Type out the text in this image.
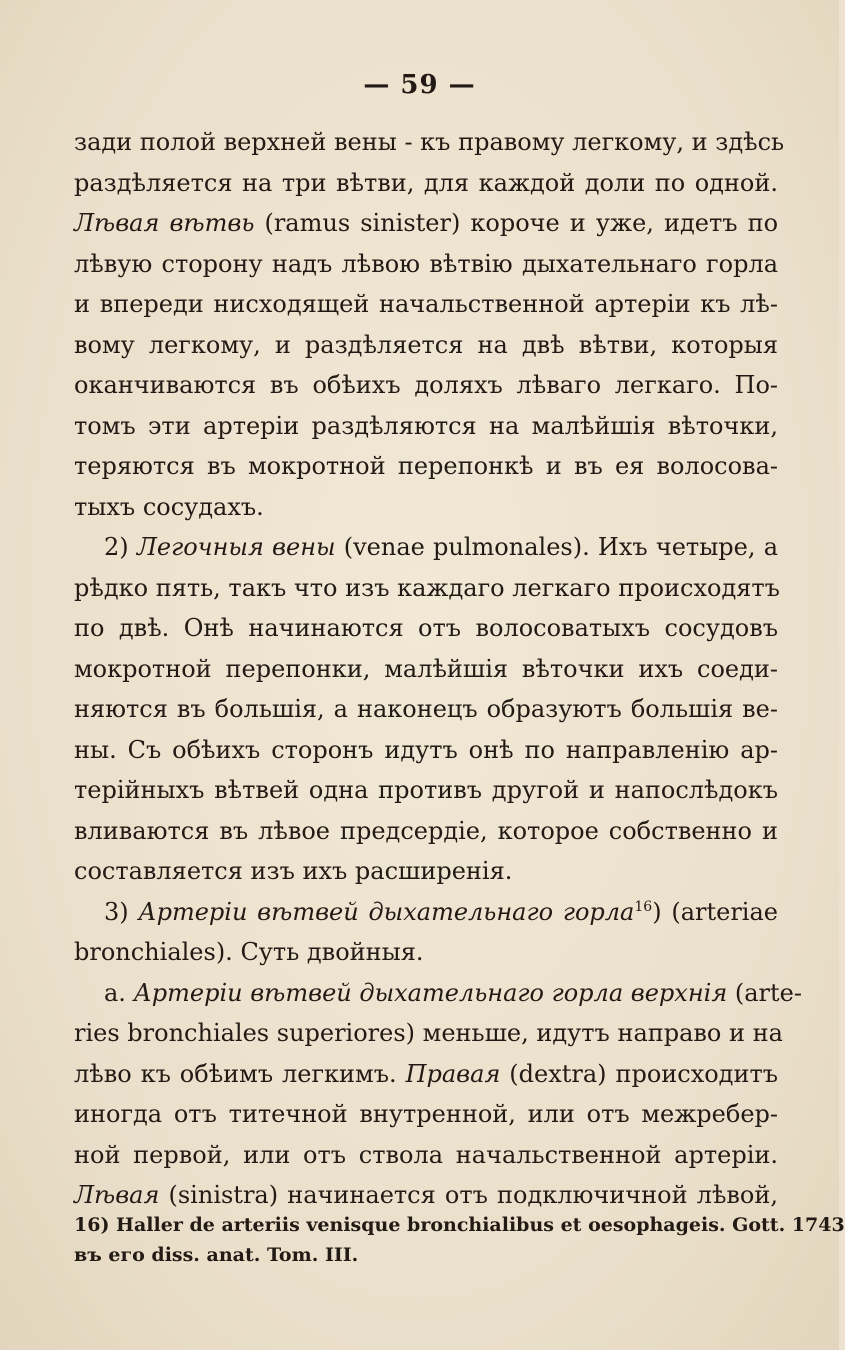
— 59 —
зади полой верхней вены - къ правому легкому, и здѣсь
раздѣляется на три вѣтви, для каждой доли по одной.
Лѣвая вѣтвь (ramus sinister) короче и уже, идетъ по
лѣвую сторону надъ лѣвою вѣтвію дыхательнаго горла
и впереди нисходящей начальственной артеріи къ лѣ-
вому легкому, и раздѣляется на двѣ вѣтви, которыя
оканчиваются въ обѣихъ доляхъ лѣваго легкаго. По-
томъ эти артеріи раздѣляются на малѣйшія вѣточки,
теряются въ мокротной перепонкѣ и въ ея волосова-
тыхъ сосудахъ.
2) Легочныя вены (venae pulmonales). Ихъ четыре, а
рѣдко пять, такъ что изъ каждаго легкаго происходятъ
по двѣ. Онѣ начинаются отъ волосоватыхъ сосудовъ
мокротной перепонки, малѣйшія вѣточки ихъ соеди-
няются въ большія, а наконецъ образуютъ большія ве-
ны. Съ обѣихъ сторонъ идутъ онѣ по направленію ар-
терійныхъ вѣтвей одна противъ другой и напослѣдокъ
вливаются въ лѣвое предсердіе, которое собственно и
составляется изъ ихъ расширенія.
3) Артеріи вѣтвей дыхательнаго горла$^{16}$) (arteriae
bronchiales). Суть двойныя.
а. Артеріи вѣтвей дыхательнаго горла верхнія (arte-
ries bronchiales superiores) меньше, идутъ направо и на
лѣво къ обѣимъ легкимъ. Правая (dextra) происходитъ
иногда отъ титечной внутренной, или отъ межребер-
ной первой, или отъ ствола начальственной артеріи.
Лѣвая (sinistra) начинается отъ подключичной лѣвой,
16) Haller de arteriis venisque bronchialibus et oesophageis. Gott. 1743
въ его diss. anat. Tom. III.
